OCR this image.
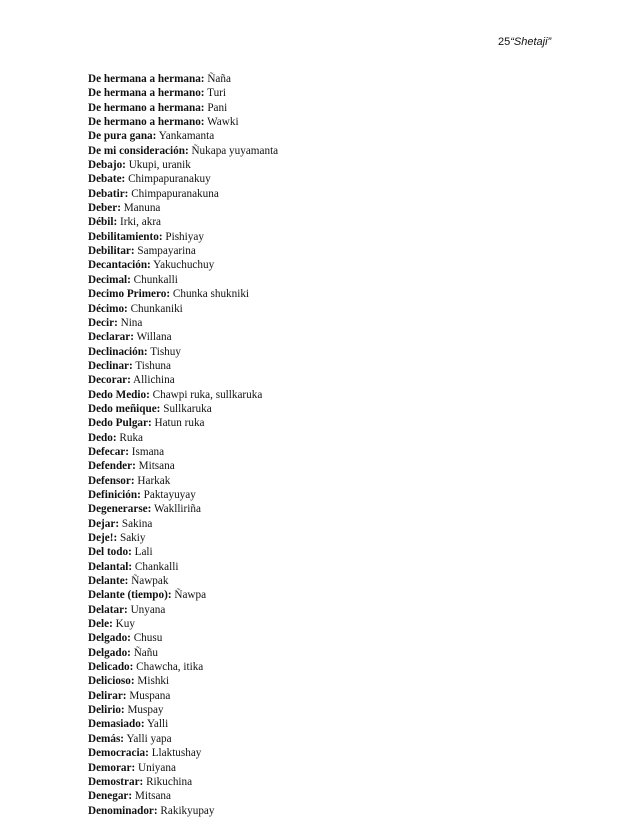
25“Shetaji”
De hermana a hermana: Ñaña
De hermana a hermano: Turi
De hermano a hermana: Pani
De hermano a hermano: Wawki
De pura gana: Yankamanta
De mi consideración: Ñukapa yuyamanta
Debajo: Ukupi, uranik
Debate: Chimpapuranakuy
Debatir: Chimpapuranakuna
Deber: Manuna
Débil: Irki, akra
Debilitamiento: Pishiyay
Debilitar: Sampayarina
Decantación: Yakuchuchuy
Decimal: Chunkalli
Decimo Primero: Chunka shukniki
Décimo: Chunkaniki
Decir: Nina
Declarar: Willana
Declinación: Tishuy
Declinar: Tishuna
Decorar: Allichina
Dedo Medio: Chawpi ruka, sullkaruka
Dedo meñique: Sullkaruka
Dedo Pulgar: Hatun ruka
Dedo: Ruka
Defecar: Ismana
Defender: Mitsana
Defensor: Harkak
Definición: Paktayuyay
Degenerarse: Waklliriña
Dejar: Sakina
Deje!: Sakiy
Del todo: Lali
Delantal: Chankalli
Delante: Ñawpak
Delante (tiempo): Ñawpa
Delatar: Unyana
Dele: Kuy
Delgado: Chusu
Delgado: Ñañu
Delicado: Chawcha, itika
Delicioso: Mishki
Delirar: Muspana
Delirio: Muspay
Demasiado: Yalli
Demás: Yalli yapa
Democracia: Llaktushay
Demorar: Uniyana
Demostrar: Rikuchina
Denegar: Mitsana
Denominador: Rakikyupay
